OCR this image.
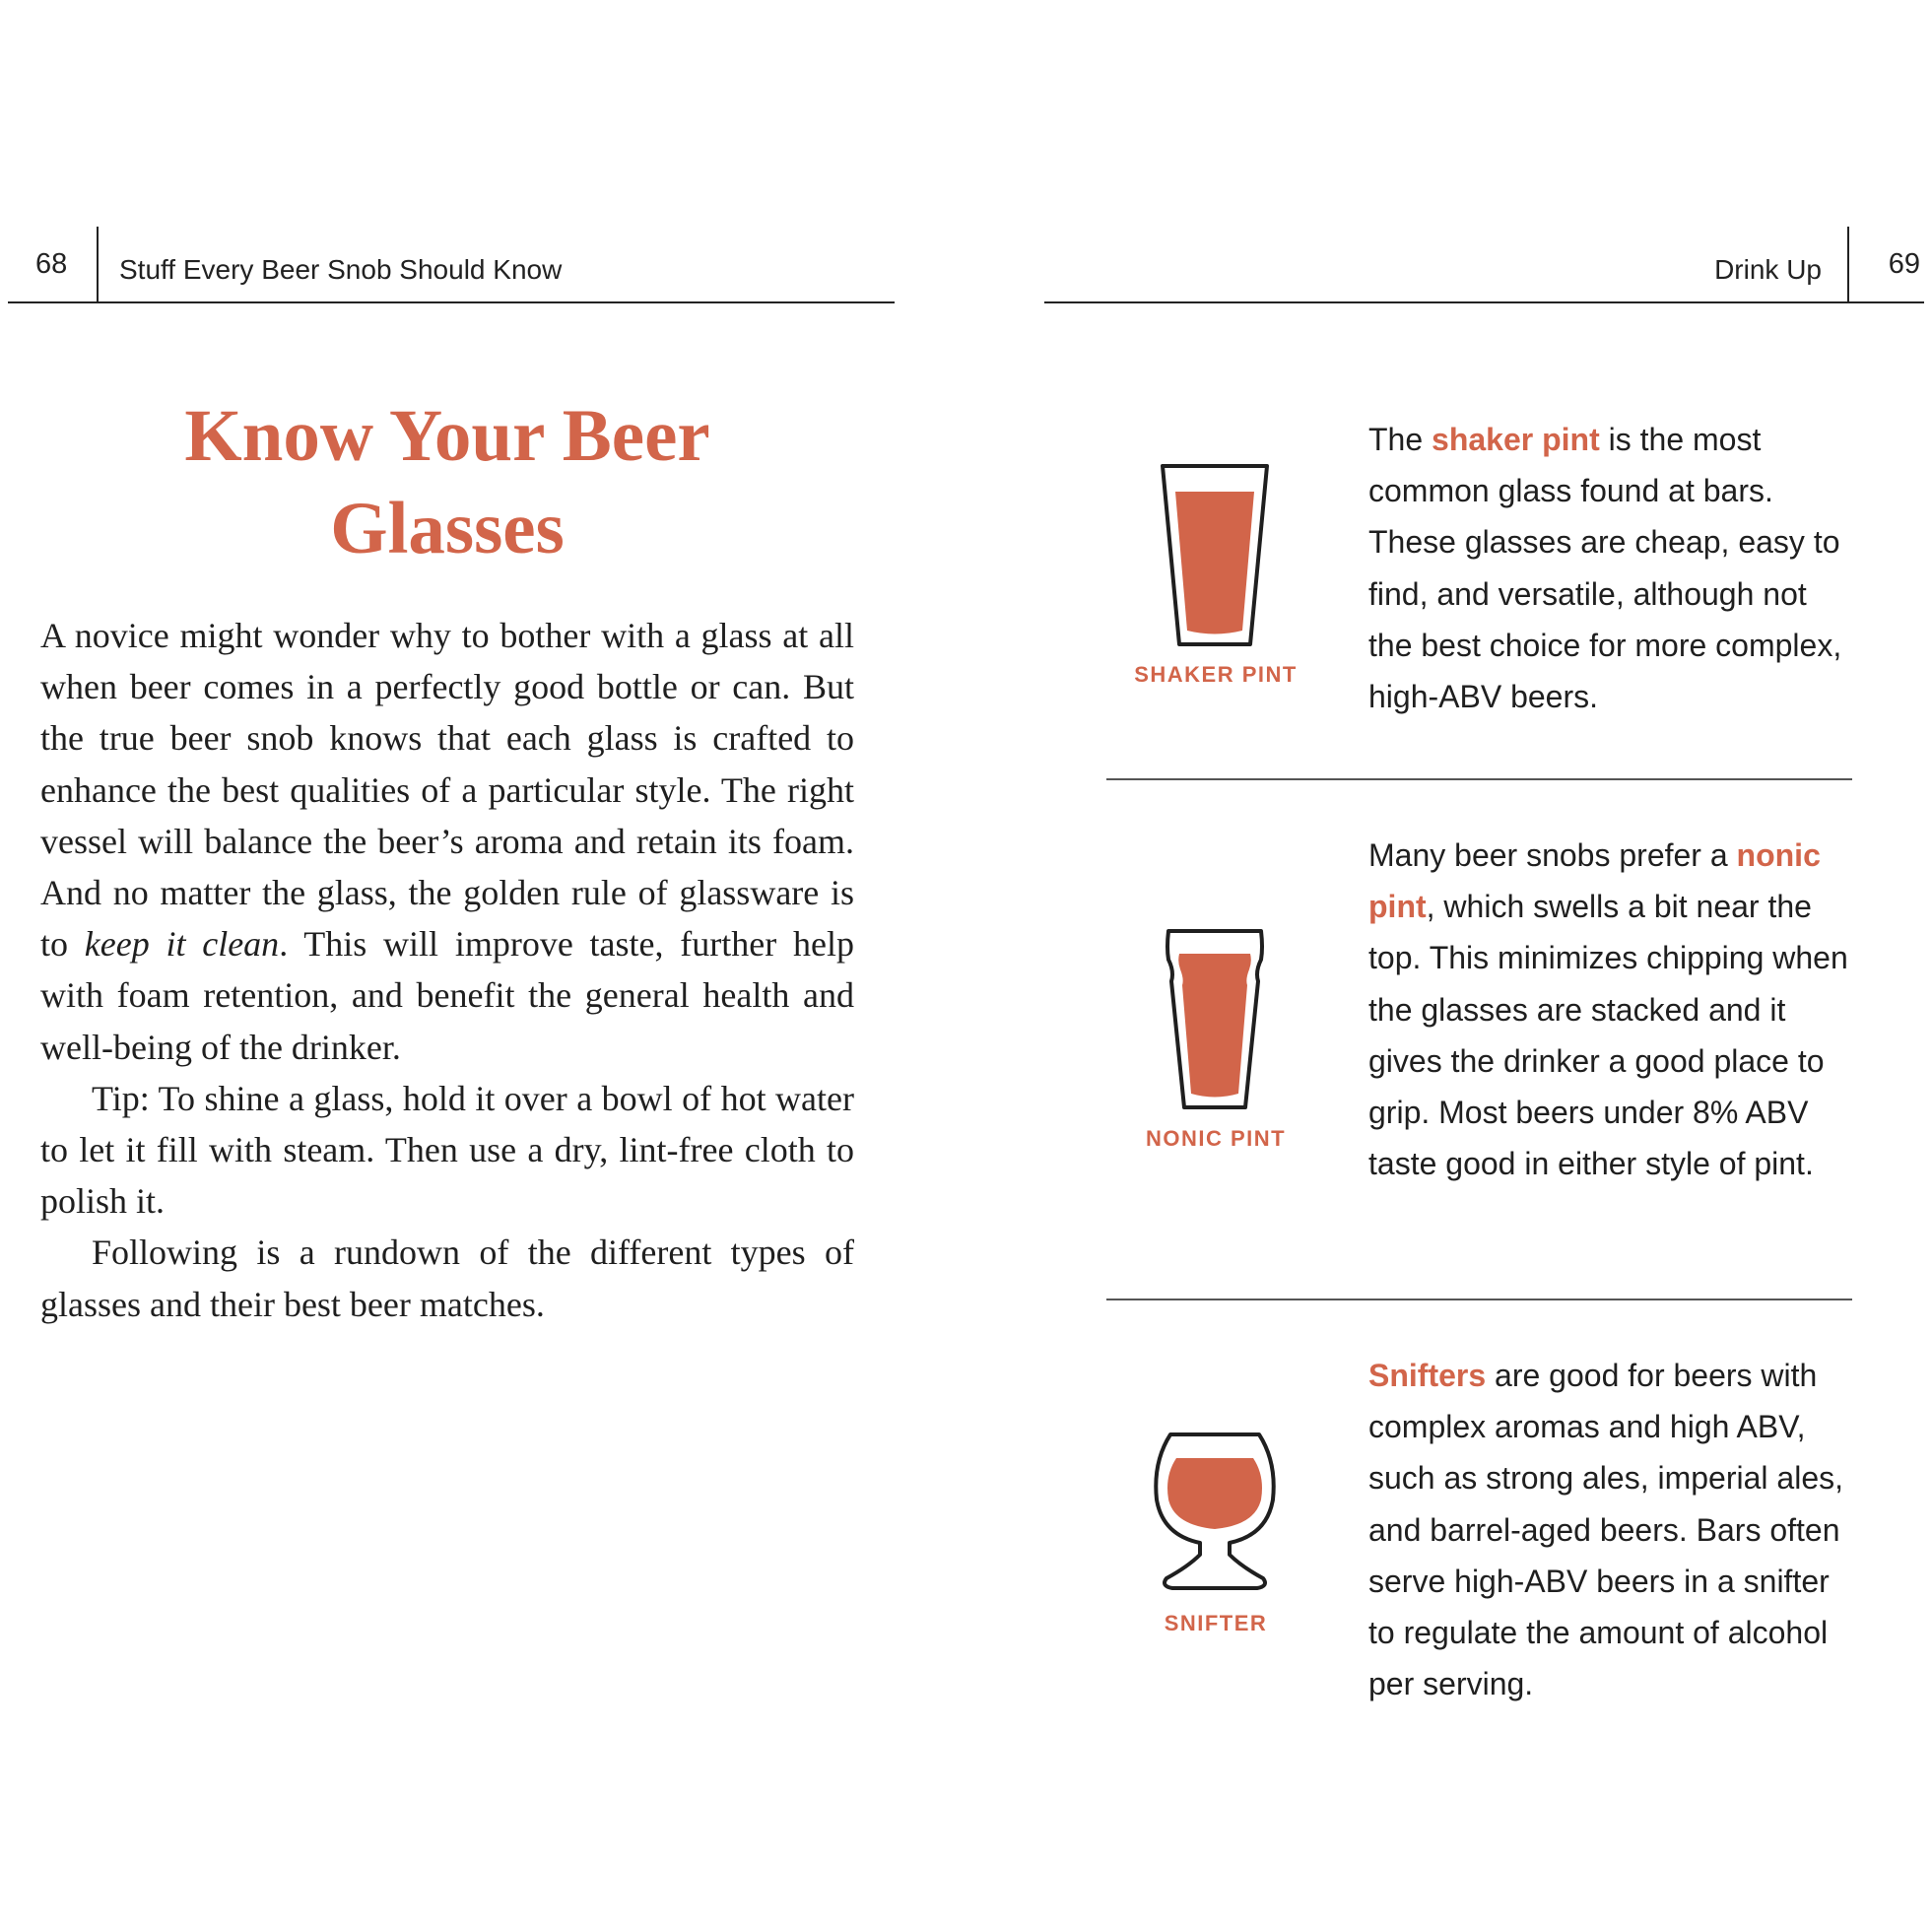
68 Stuff Every Beer Snob Should Know	Drink Up 69
Know Your Beer
Glasses

A novice might wonder why to bother with a glass at all when beer comes in a perfectly good bottle or can. But the true beer snob knows that each glass is crafted to enhance the best qualities of a particular style. The right vessel will balance the beer’s aroma and retain its foam. And no matter the glass, the golden rule of glassware is to keep it clean. This will improve taste, further help with foam retention, and benefit the general health and well-being of the drinker.

Tip: To shine a glass, hold it over a bowl of hot water to let it fill with steam. Then use a dry, lint-free cloth to polish it.

Following is a rundown of the different types of glasses and their best beer matches.

SHAKER PINT
The shaker pint is the most common glass found at bars. These glasses are cheap, easy to find, and versatile, although not the best choice for more complex, high-ABV beers.
NONIC PINT
Many beer snobs prefer a nonic pint, which swells a bit near the top. This minimizes chipping when the glasses are stacked and it gives the drinker a good place to grip. Most beers under 8% ABV taste good in either style of pint.
SNIFTER
Snifters are good for beers with complex aromas and high ABV, such as strong ales, imperial ales, and barrel-aged beers. Bars often serve high-ABV beers in a snifter to regulate the amount of alcohol per serving.
